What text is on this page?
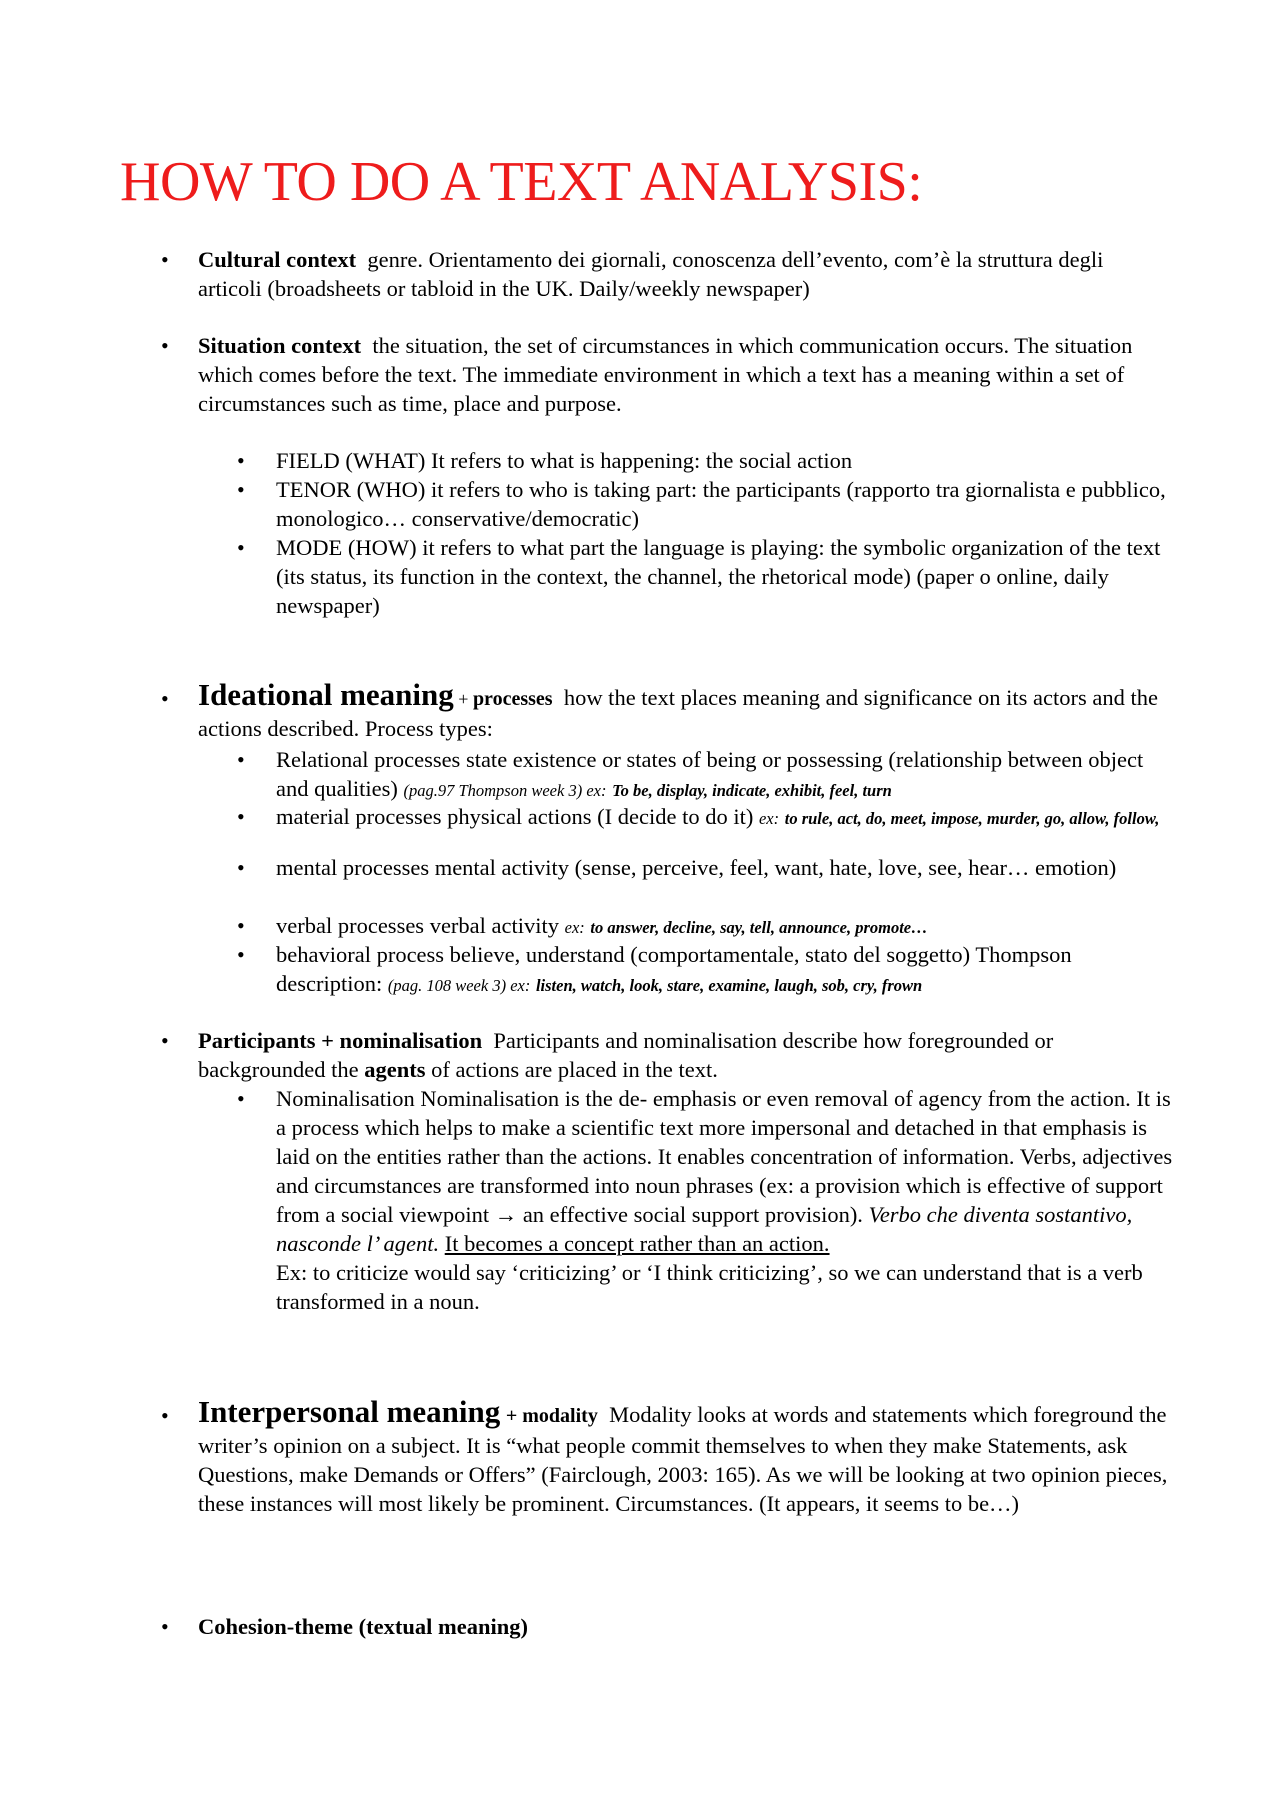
HOW TO DO A TEXT ANALYSIS:
• Cultural context genre. Orientamento dei giornali, conoscenza dell’evento, com’è la struttura degli articoli (broadsheets or tabloid in the UK. Daily/weekly newspaper)
• Situation context the situation, the set of circumstances in which communication occurs. The situation which comes before the text. The immediate environment in which a text has a meaning within a set of circumstances such as time, place and purpose.
• FIELD (WHAT) It refers to what is happening: the social action
• TENOR (WHO) it refers to who is taking part: the participants (rapporto tra giornalista e pubblico, monologico… conservative/democratic)
• MODE (HOW) it refers to what part the language is playing: the symbolic organization of the text (its status, its function in the context, the channel, the rhetorical mode) (paper o online, daily newspaper)
• Ideational meaning + processes how the text places meaning and significance on its actors and the actions described. Process types:
• Relational processes state existence or states of being or possessing (relationship between object and qualities) (pag.97 Thompson week 3) ex: To be, display, indicate, exhibit, feel, turn
• material processes physical actions (I decide to do it) ex: to rule, act, do, meet, impose, murder, go, allow, follow,
• mental processes mental activity (sense, perceive, feel, want, hate, love, see, hear… emotion)
• verbal processes verbal activity ex: to answer, decline, say, tell, announce, promote…
• behavioral process believe, understand (comportamentale, stato del soggetto) Thompson description: (pag. 108 week 3) ex: listen, watch, look, stare, examine, laugh, sob, cry, frown
• Participants + nominalisation Participants and nominalisation describe how foregrounded or backgrounded the agents of actions are placed in the text.
• Nominalisation Nominalisation is the de- emphasis or even removal of agency from the action. It is a process which helps to make a scientific text more impersonal and detached in that emphasis is laid on the entities rather than the actions. It enables concentration of information. Verbs, adjectives and circumstances are transformed into noun phrases (ex: a provision which is effective of support from a social viewpoint → an effective social support provision). Verbo che diventa sostantivo, nasconde l’ agent. It becomes a concept rather than an action.
Ex: to criticize would say ‘criticizing’ or ‘I think criticizing’, so we can understand that is a verb transformed in a noun.
• Interpersonal meaning + modality Modality looks at words and statements which foreground the writer’s opinion on a subject. It is “what people commit themselves to when they make Statements, ask Questions, make Demands or Offers” (Fairclough, 2003: 165). As we will be looking at two opinion pieces, these instances will most likely be prominent. Circumstances. (It appears, it seems to be…)
• Cohesion-theme (textual meaning)
